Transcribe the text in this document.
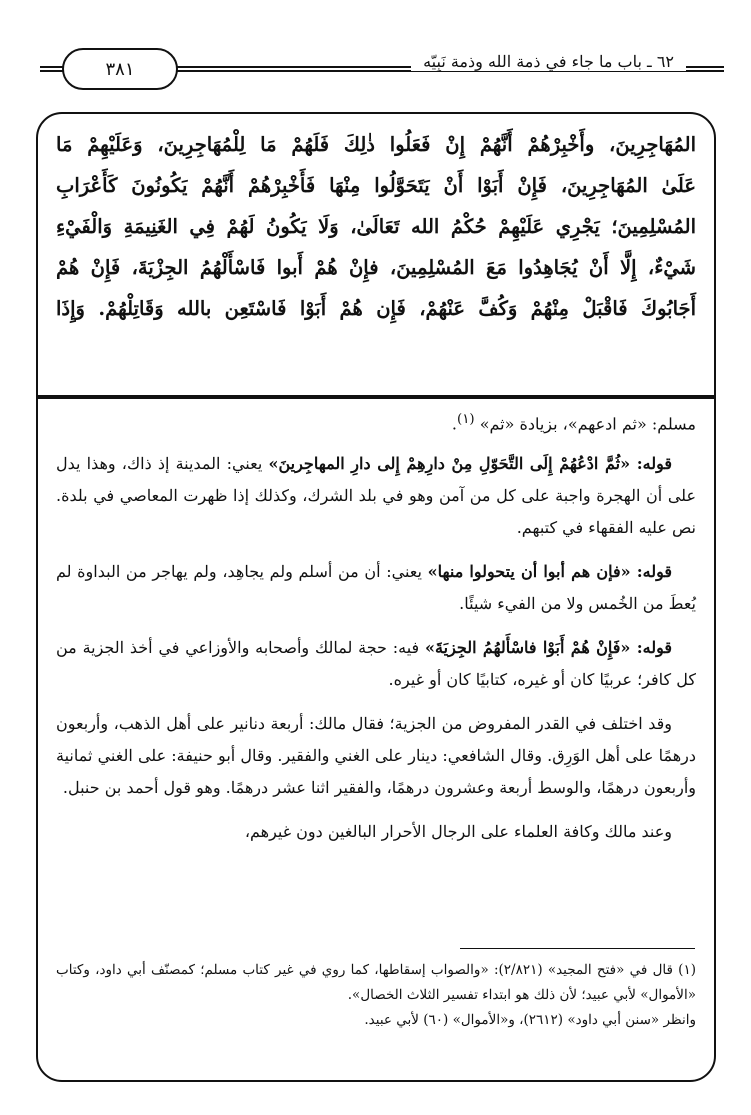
٣٨١	٦٢ ـ باب ما جاء في ذمة الله وذمة نَبِيّه

المُهَاجِرِينَ، وأَخْبِرْهُمْ أَنَّهُمْ إِنْ فَعَلُوا ذٰلِكَ فَلَهُمْ مَا لِلْمُهَاجِرِينَ، وَعَلَيْهِمْ مَا

عَلَىٰ المُهَاجِرِينَ، فَإِنْ أَبَوْا أَنْ يَتَحَوَّلُوا مِنْهَا فَأَخْبِرْهُمْ أَنَّهُمْ يَكُونُونَ كَأَعْرَابِ

المُسْلِمِينَ؛ يَجْرِي عَلَيْهِمْ حُكْمُ الله تَعَالَىٰ، وَلَا يَكُونُ لَهُمْ فِي الغَنِيمَةِ وَالْفَيْءِ

شَيْءٌ، إِلَّا أَنْ يُجَاهِدُوا مَعَ المُسْلِمِينَ، فإِنْ هُمْ أَبوا فَاسْأَلْهُمُ الجِزْيَةَ، فَإِنْ هُمْ

أَجَابُوكَ فَاقْبَلْ مِنْهُمْ وَكُفَّ عَنْهُمْ، فَإِن هُمْ أَبَوْا فَاسْتَعِن بالله وَقَاتِلْهُمْ. وَإِذَا

مسلم: «ثم ادعهم»، بزيادة «ثم» $^{(١)}$.

قوله: «ثُمَّ ادْعُهُمْ إِلَى التَّحَوّلِ مِنْ دارِهِمْ إِلى دارِ المهاجِرينَ» يعني: المدينة إذ ذاك، وهذا يدل على أن الهجرة واجبة على كل من آمن وهو في بلد الشرك، وكذلك إذا ظهرت المعاصي في بلدة. نص عليه الفقهاء في كتبهم.

قوله: «فإن هم أبوا أن يتحولوا منها» يعني: أن من أسلم ولم يجاهِد، ولم يهاجر من البداوة لم يُعطَ من الخُمس ولا من الفيء شيئًا.

قوله: «فَإِنْ هُمْ أَبَوْا فاسْأَلهُمُ الجِزيَةَ» فيه: حجة لمالك وأصحابه والأوزاعي في أخذ الجزية من كل كافر؛ عربيًا كان أو غيره، كتابيًا كان أو غيره.

وقد اختلف في القدر المفروض من الجزية؛ فقال مالك: أربعة دنانير على أهل الذهب، وأربعون درهمًا على أهل الوَرِق. وقال الشافعي: دينار على الغني والفقير. وقال أبو حنيفة: على الغني ثمانية وأربعون درهمًا، والوسط أربعة وعشرون درهمًا، والفقير اثنا عشر درهمًا. وهو قول أحمد بن حنبل.

وعند مالك وكافة العلماء على الرجال الأحرار البالغين دون غيرهم،

(١) قال في «فتح المجيد» (٢/٨٢١): «والصواب إسقاطها، كما روي في غير كتاب مسلم؛ كمصنّف أبي داود، وكتاب «الأموال» لأبي عبيد؛ لأن ذلك هو ابتداء تفسير الثلاث الخصال».

وانظر «سنن أبي داود» (٢٦١٢)، و«الأموال» (٦٠) لأبي عبيد.
